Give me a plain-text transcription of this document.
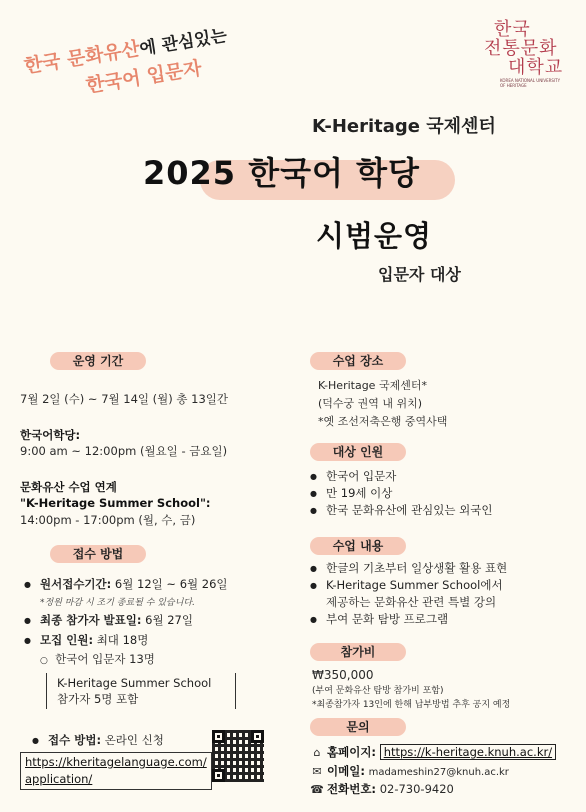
한국 문화유산에 관심있는
한국어 입문자
한국
전통문화
대학교
KOREA NATIONAL UNIVERSITY
OF HERITAGE
K-Heritage 국제센터
2025 한국어 학당
시범운영
입문자 대상
운영 기간
7월 2일 (수) ~ 7월 14일 (월) 총 13일간
한국어학당:
9:00 am ~ 12:00pm (월요일 - 금요일)
문화유산 수업 연계
"K-Heritage Summer School":
14:00pm - 17:00pm (월, 수, 금)
접수 방법
● 원서접수기간: 6월 12일 ~ 6월 26일
*정원 마감 시 조기 종료될 수 있습니다.
● 최종 참가자 발표일: 6월 27일
● 모집 인원: 최대 18명
○ 한국어 입문자 13명
K-Heritage Summer School
참가자 5명 포함
● 접수 방법: 온라인 신청
https://kheritagelanguage.com/
application/
수업 장소
K-Heritage 국제센터*
(덕수궁 권역 내 위치)
*옛 조선저축은행 중역사택
대상 인원
● 한국어 입문자
● 만 19세 이상
● 한국 문화유산에 관심있는 외국인
수업 내용
● 한글의 기초부터 일상생활 활용 표현
● K-Heritage Summer School에서
제공하는 문화유산 관련 특별 강의
● 부여 문화 탐방 프로그램
참가비
₩350,000
(부여 문화유산 탐방 참가비 포함)
*최종참가자 13인에 한해 납부방법 추후 공지 예정
문의
⌂ 홈페이지: https://k-heritage.knuh.ac.kr/
✉ 이메일: madameshin27@knuh.ac.kr
☎ 전화번호: 02-730-9420
